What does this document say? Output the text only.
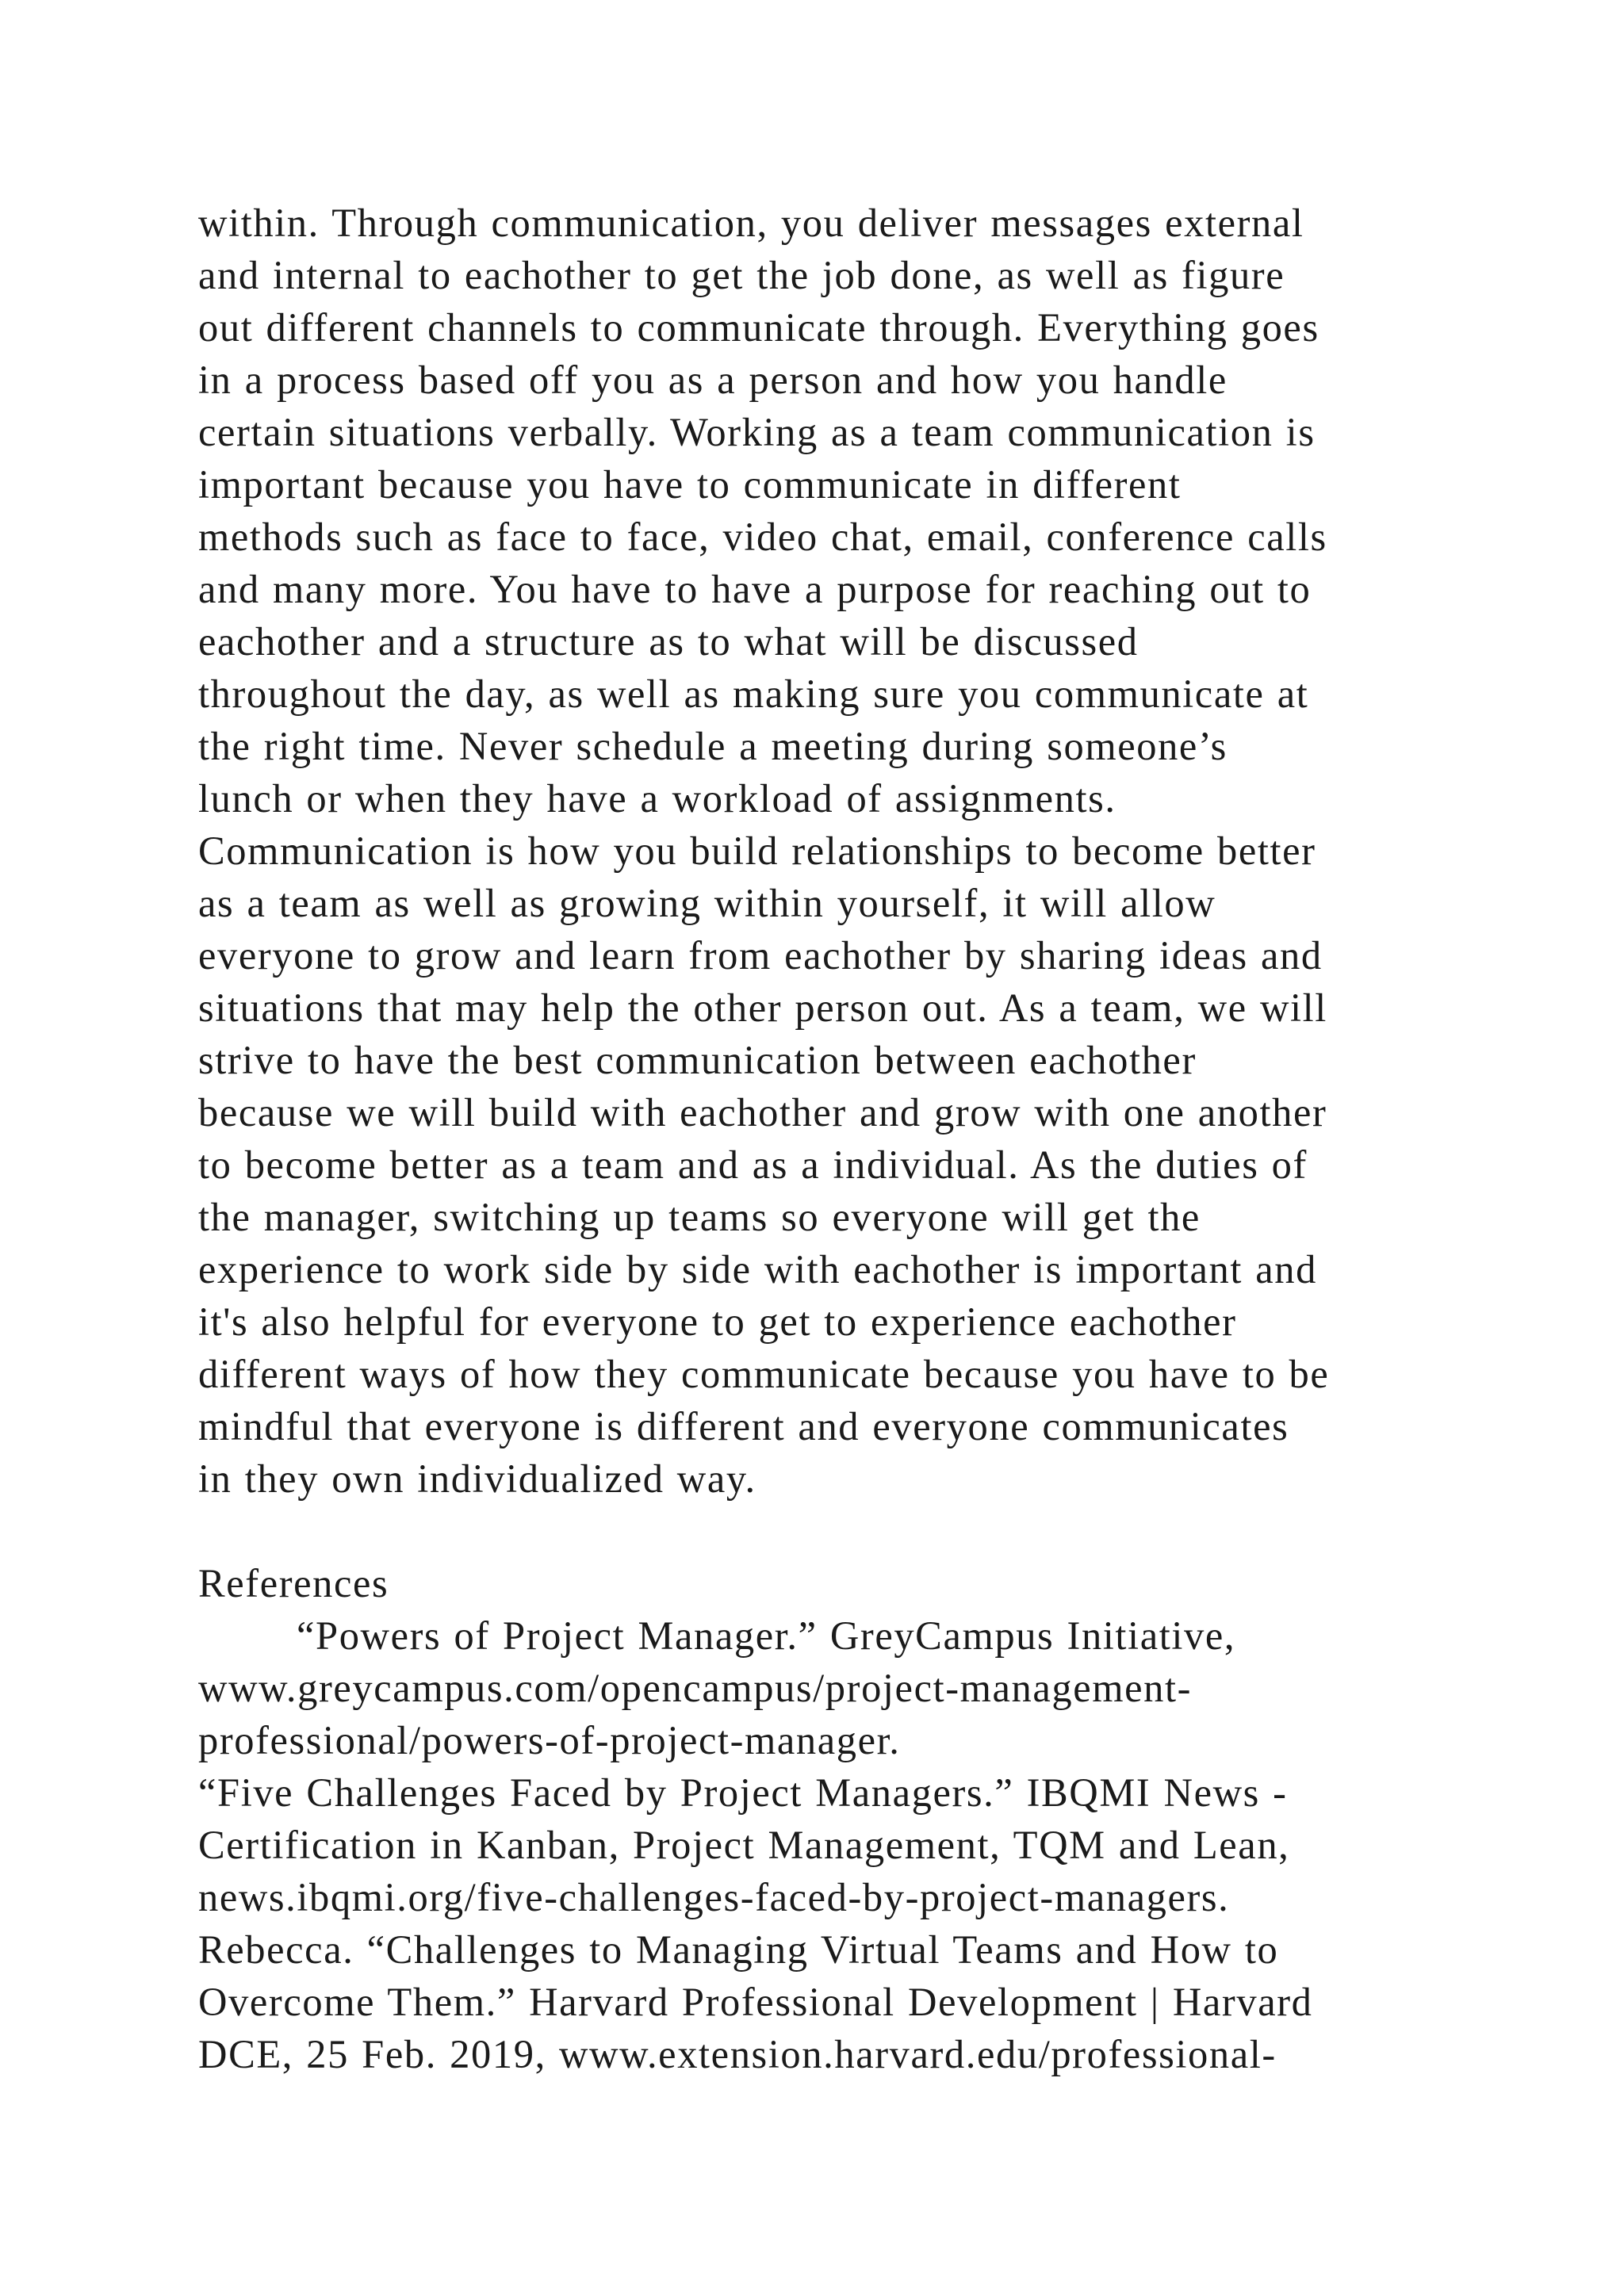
within. Through communication, you deliver messages external
and internal to eachother to get the job done, as well as figure
out different channels to communicate through. Everything goes
in a process based off you as a person and how you handle
certain situations verbally. Working as a team communication is
important because you have to communicate in different
methods such as face to face, video chat, email, conference calls
and many more. You have to have a purpose for reaching out to
eachother and a structure as to what will be discussed
throughout the day, as well as making sure you communicate at
the right time. Never schedule a meeting during someone’s
lunch or when they have a workload of assignments.
Communication is how you build relationships to become better
as a team as well as growing within yourself, it will allow
everyone to grow and learn from eachother by sharing ideas and
situations that may help the other person out. As a team, we will
strive to have the best communication between eachother
because we will build with eachother and grow with one another
to become better as a team and as a individual. As the duties of
the manager, switching up teams so everyone will get the
experience to work side by side with eachother is important and
it's also helpful for everyone to get to experience eachother
different ways of how they communicate because you have to be
mindful that everyone is different and everyone communicates
in they own individualized way.
References
“Powers of Project Manager.” GreyCampus Initiative,
www.greycampus.com/opencampus/project-management-
professional/powers-of-project-manager.
“Five Challenges Faced by Project Managers.” IBQMI News -
Certification in Kanban, Project Management, TQM and Lean,
news.ibqmi.org/five-challenges-faced-by-project-managers.
Rebecca. “Challenges to Managing Virtual Teams and How to
Overcome Them.” Harvard Professional Development | Harvard
DCE, 25 Feb. 2019, www.extension.harvard.edu/professional-
